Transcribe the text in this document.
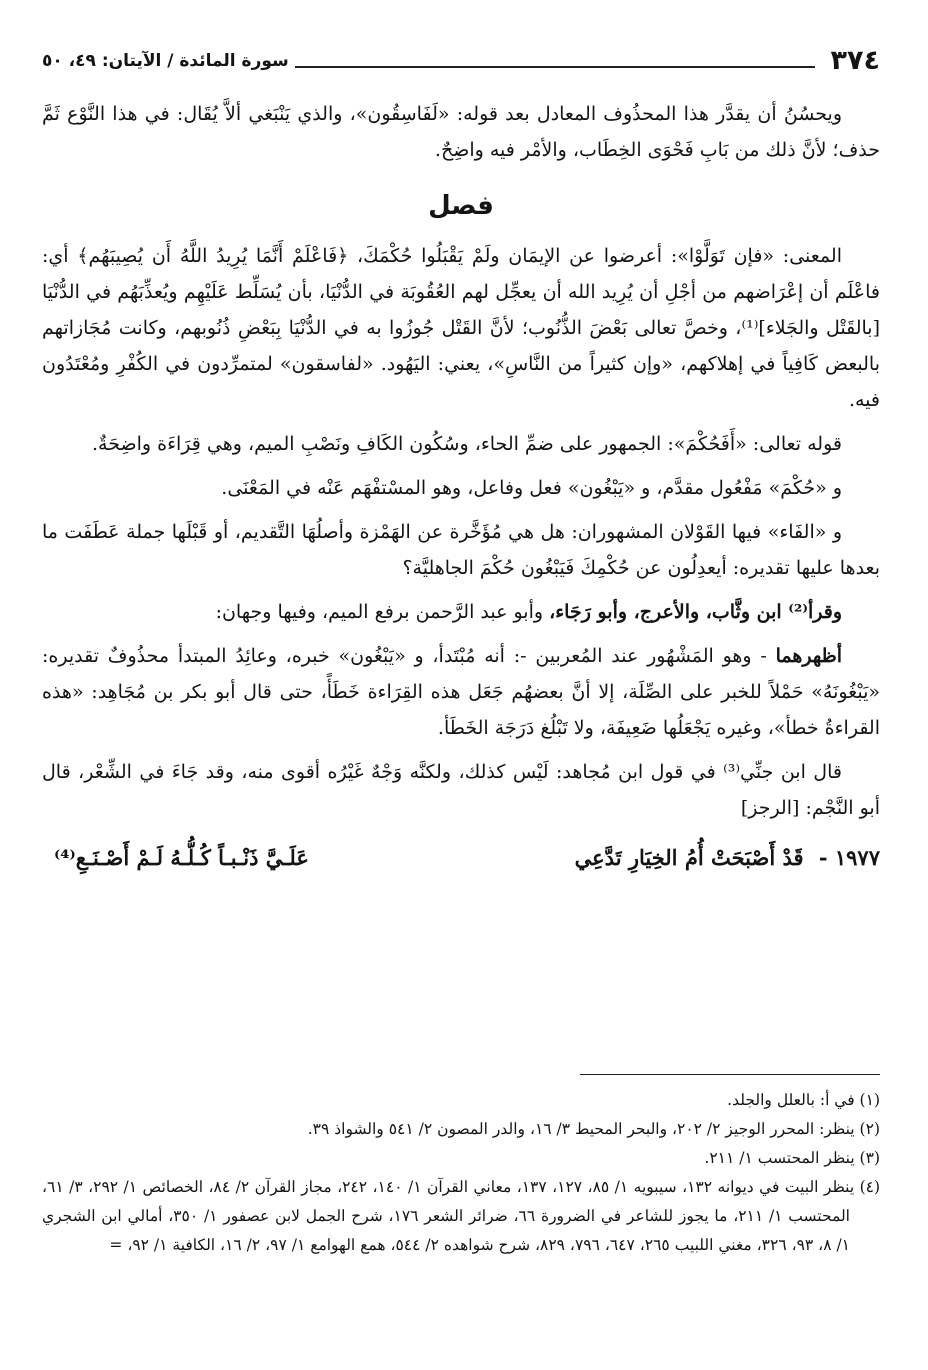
٣٧٤
سورة المائدة / الآيتان: ٤٩، ٥٠

ويحسُنُ أن يقدَّر هذا المحذُوف المعادل بعد قوله: «لَفَاسِقُون»، والذي يَنْبَغي ألاَّ يُقَال: في هذا النَّوْع ثَمَّ حذف؛ لأنَّ ذلك من بَابِ فَحْوَى الخِطَاب، والأمْر فيه واضِحٌ.

فصل

المعنى: «فإن تَوَلَّوْا»: أعرضوا عن الإيمَان ولَمْ يَقْبَلُوا حُكْمَكَ، ﴿فَاعْلَمْ أَنَّمَا يُرِيدُ اللَّهُ أَن يُصِيبَهُم﴾ أي: فاعْلَم أن إعْرَاضهم من أجْلِ أن يُرِيد الله أن يعجِّل لهم العُقُوبَة في الدُّنْيَا، بأن يُسَلِّط عَلَيْهِم ويُعذِّبَهُم في الدُّنْيَا [بالقَتْل والجَلاء]⁽¹⁾، وخصَّ تعالى بَعْضَ الذُّنُوب؛ لأنَّ القَتْل جُوزُوا به في الدُّنْيَا بِبَعْضِ ذُنُوبهم، وكانت مُجَازاتهم بالبعض كَافِياً في إهلاكهم، «وإن كثيراً من النَّاسِ»، يعني: اليَهُود. «لفاسقون» لمتمرِّدون في الكُفْرِ ومُعْتَدُون فيه.

قوله تعالى: «أَفَحُكْمَ»: الجمهور على ضمِّ الحاء، وسُكُون الكَافِ ونَصْبِ الميم، وهي قِرَاءَة واضِحَةٌ.

و «حُكْمَ» مَفْعُول مقدَّم، و «يَبْغُون» فعل وفاعل، وهو المسْتفْهَم عَنْه في المَعْنَى.

و «الفَاء» فيها القَوْلان المشهوران: هل هي مُؤَخَّرة عن الهَمْزة وأصلُهَا التَّقديم، أو قَبْلَها جملة عَطَفَت ما بعدها عليها تقديره: أيعدِلُون عن حُكْمِكَ فَيَبْغُون حُكْمَ الجاهليَّة؟

وقرأ⁽²⁾ ابن وثَّاب، والأعرج، وأبو رَجَاء، وأبو عبد الرَّحمن برفع الميم، وفيها وجهان:

أظهرهما - وهو المَشْهُور عند المُعربين -: أنه مُبْتَدأ، و «يَبْغُون» خبره، وعائِدُ المبتدأ محذُوفٌ تقديره: «يَبْغُونَهُ» حَمْلاً للخبر على الصِّلَة، إلا أنَّ بعضهُم جَعَل هذه القِرَاءة خَطَأً، حتى قال أبو بكر بن مُجَاهِد: «هذه القراءةُ خطأ»، وغيره يَجْعَلُها ضَعِيفَة، ولا تَبْلُغ دَرَجَة الخَطَأ.

قال ابن جنِّي⁽³⁾ في قول ابن مُجاهد: لَيْس كذلك، ولكنَّه وَجْهٌ غَيْرُه أقوى منه، وقد جَاءَ في الشِّعْر، قال أبو النَّجْم: [الرجز]

١٩٧٧ - قَدْ أَصْبَحَتْ أُمُ الخِيَارِ تَدَّعِي
عَلَـيَّ ذَنْـبـاً كُـلُّـهُ لَـمْ أَصْـنَـعِ⁽⁴⁾

(١) في أ: بالعلل والجلد.

(٢) ينظر: المحرر الوجيز ٢/ ٢٠٢، والبحر المحيط ٣/ ١٦، والدر المصون ٢/ ٥٤١ والشواذ ٣٩.

(٣) ينظر المحتسب ١/ ٢١١.

(٤) ينظر البيت في ديوانه ١٣٢، سيبويه ١/ ٨٥، ١٢٧، ١٣٧، معاني القرآن ١/ ١٤٠، ٢٤٢، مجاز القرآن ٢/ ٨٤، الخصائص ١/ ٢٩٢، ٣/ ٦١، المحتسب ١/ ٢١١، ما يجوز للشاعر في الضرورة ٦٦، ضرائر الشعر ١٧٦، شرح الجمل لابن عصفور ١/ ٣٥٠، أمالي ابن الشجري ١/ ٨، ٩٣، ٣٢٦، مغني اللبيب ٢٦٥، ٦٤٧، ٧٩٦، ٨٢٩، شرح شواهده ٢/ ٥٤٤، همع الهوامع ١/ ٩٧، ٢/ ١٦، الكافية ١/ ٩٢، =
